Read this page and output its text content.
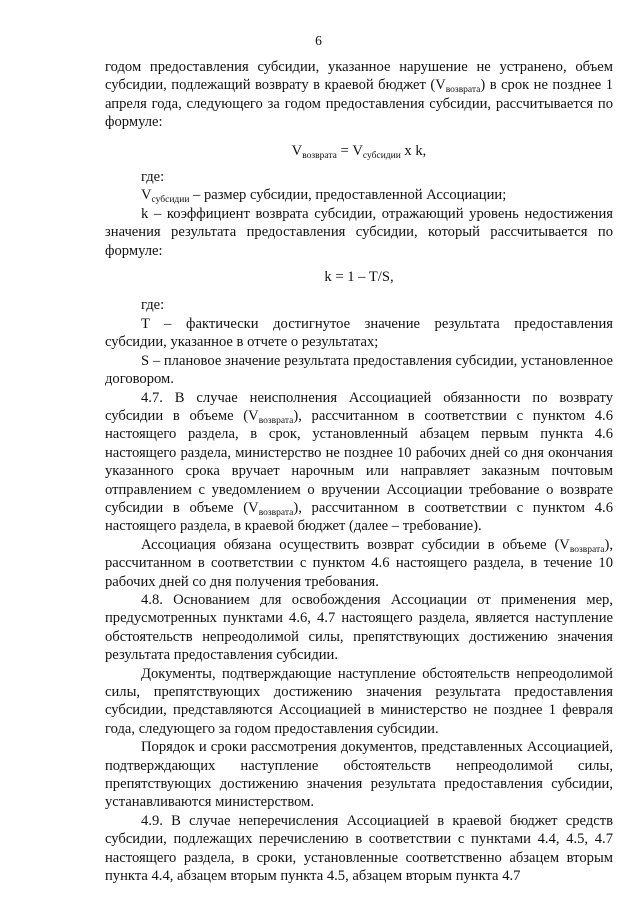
6

годом предоставления субсидии, указанное нарушение не устранено, объем субсидии, подлежащий возврату в краевой бюджет $(V_{возврата})$ в срок не позднее 1 апреля года, следующего за годом предоставления субсидии, рассчитывается по формуле:

$V_{возврата} = V_{субсидии}$ x k,

где:

$V_{субсидии}$ – размер субсидии, предоставленной Ассоциации;

k – коэффициент возврата субсидии, отражающий уровень недостижения значения результата предоставления субсидии, который рассчитывается по формуле:

k = 1 – T/S,

где:

T – фактически достигнутое значение результата предоставления субсидии, указанное в отчете о результатах;

S – плановое значение результата предоставления субсидии, установленное договором.

4.7. В случае неисполнения Ассоциацией обязанности по возврату субсидии в объеме $(V_{возврата})$, рассчитанном в соответствии с пунктом 4.6 настоящего раздела, в срок, установленный абзацем первым пункта 4.6 настоящего раздела, министерство не позднее 10 рабочих дней со дня окончания указанного срока вручает нарочным или направляет заказным почтовым отправлением с уведомлением о вручении Ассоциации требование о возврате субсидии в объеме $(V_{возврата})$, рассчитанном в соответствии с пунктом 4.6 настоящего раздела, в краевой бюджет (далее – требование).

Ассоциация обязана осуществить возврат субсидии в объеме $(V_{возврата})$, рассчитанном в соответствии с пунктом 4.6 настоящего раздела, в течение 10 рабочих дней со дня получения требования.

4.8. Основанием для освобождения Ассоциации от применения мер, предусмотренных пунктами 4.6, 4.7 настоящего раздела, является наступление обстоятельств непреодолимой силы, препятствующих достижению значения результата предоставления субсидии.

Документы, подтверждающие наступление обстоятельств непреодолимой силы, препятствующих достижению значения результата предоставления субсидии, представляются Ассоциацией в министерство не позднее 1 февраля года, следующего за годом предоставления субсидии.

Порядок и сроки рассмотрения документов, представленных Ассоциацией, подтверждающих наступление обстоятельств непреодолимой силы, препятствующих достижению значения результата предоставления субсидии, устанавливаются министерством.

4.9. В случае неперечисления Ассоциацией в краевой бюджет средств субсидии, подлежащих перечислению в соответствии с пунктами 4.4, 4.5, 4.7 настоящего раздела, в сроки, установленные соответственно абзацем вторым пункта 4.4, абзацем вторым пункта 4.5, абзацем вторым пункта 4.7
